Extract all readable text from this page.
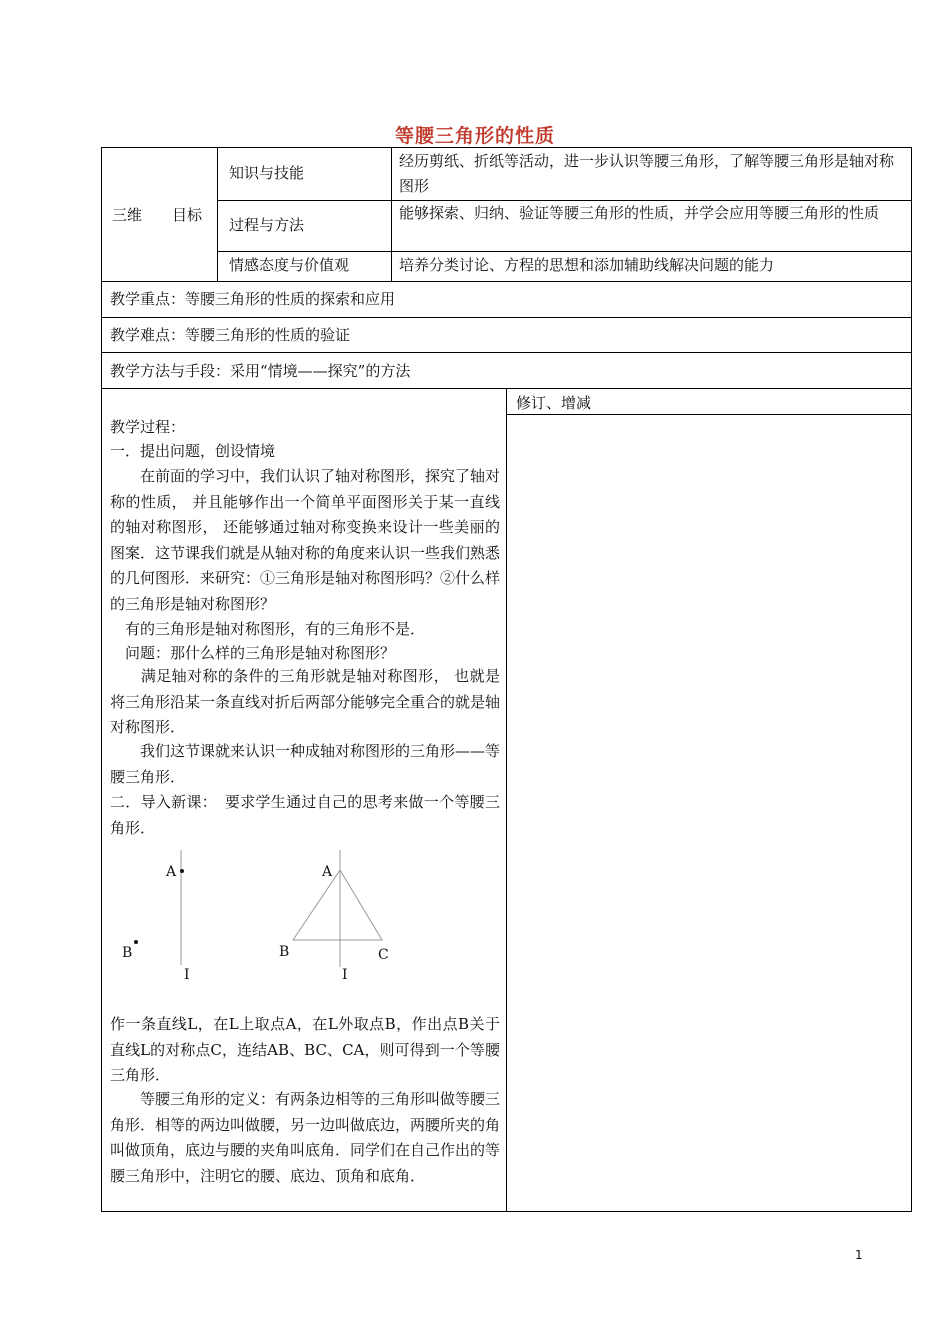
等腰三角形的性质
三维　　目标
知识与技能
经历剪纸、折纸等活动，进一步认识等腰三角形，了解等腰三角形是轴对称图形
过程与方法
能够探索、归纳、验证等腰三角形的性质，并学会应用等腰三角形的性质
情感态度与价值观	培养分类讨论、方程的思想和添加辅助线解决问题的能力
教学重点：等腰三角形的性质的探索和应用
教学难点：等腰三角形的性质的验证
教学方法与手段：采用“情境——探究”的方法
修订、增减
教学过程：
一．提出问题，创设情境
　　在前面的学习中，我们认识了轴对称图形，探究了轴对称的性质， 并且能够作出一个简单平面图形关于某一直线的轴对称图形， 还能够通过轴对称变换来设计一些美丽的图案．这节课我们就是从轴对称的角度来认识一些我们熟悉的几何图形．来研究：①三角形是轴对称图形吗？②什么样的三角形是轴对称图形？
　有的三角形是轴对称图形，有的三角形不是．
　问题：那什么样的三角形是轴对称图形？
　　满足轴对称的条件的三角形就是轴对称图形， 也就是将三角形沿某一条直线对折后两部分能够完全重合的就是轴对称图形．
　　我们这节课就来认识一种成轴对称图形的三角形——等腰三角形．
二．导入新课：　要求学生通过自己的思考来做一个等腰三角形．
A
B
I
A
B	C
I
作一条直线L，在L上取点A，在L外取点B，作出点B关于直线L的对称点C，连结AB、BC、CA，则可得到一个等腰三角形．
　　等腰三角形的定义：有两条边相等的三角形叫做等腰三角形．相等的两边叫做腰，另一边叫做底边，两腰所夹的角叫做顶角，底边与腰的夹角叫底角．同学们在自己作出的等腰三角形中，注明它的腰、底边、顶角和底角．
1
